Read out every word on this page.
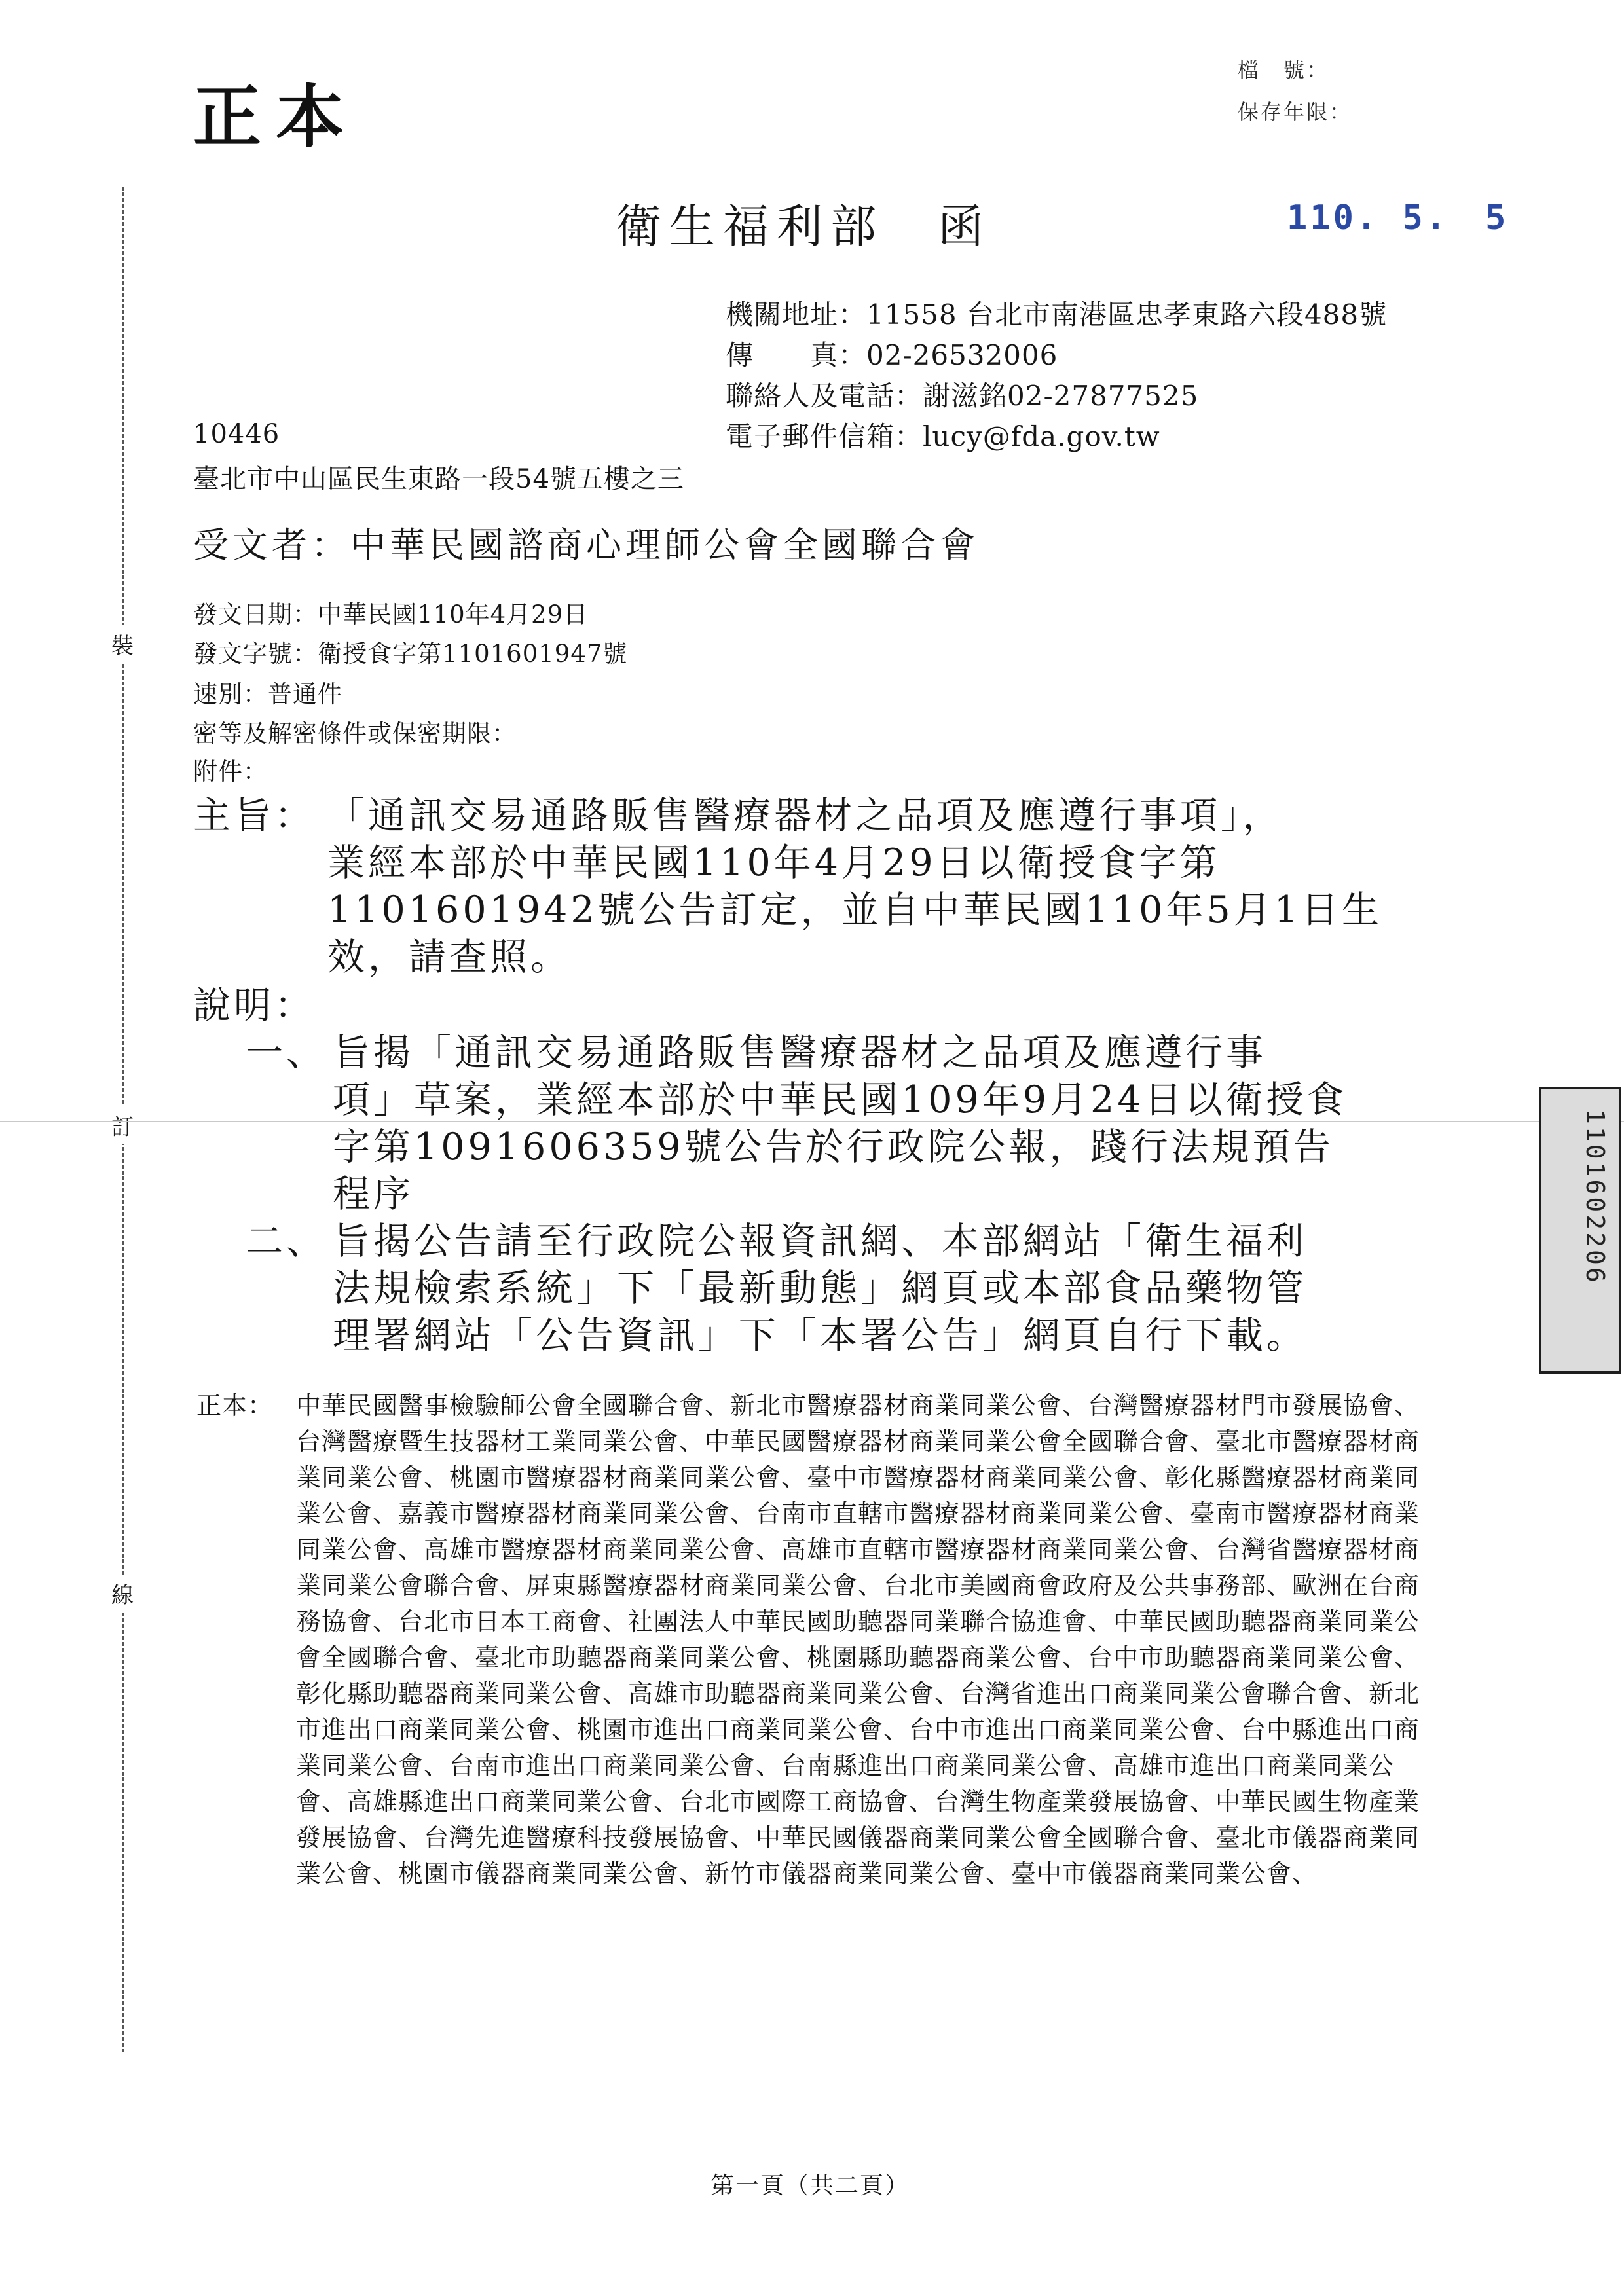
裝
訂
線
正本
檔　號：
保存年限：
衛生福利部　函	110. 5.　5
機關地址：11558 台北市南港區忠孝東路六段488號
傳　　真：02-26532006
聯絡人及電話：謝滋銘02-27877525
電子郵件信箱：lucy@fda.gov.tw
10446
臺北市中山區民生東路一段54號五樓之三
受文者：中華民國諮商心理師公會全國聯合會
發文日期：中華民國110年4月29日
發文字號：衛授食字第1101601947號
速別：普通件
密等及解密條件或保密期限：
附件：
主旨： 「通訊交易通路販售醫療器材之品項及應遵行事項」，
業經本部於中華民國110年4月29日以衛授食字第
1101601942號公告訂定，並自中華民國110年5月1日生
效，請查照。
說明：
一、 旨揭「通訊交易通路販售醫療器材之品項及應遵行事
項」草案，業經本部於中華民國109年9月24日以衛授食
字第1091606359號公告於行政院公報，踐行法規預告
程序
二、 旨揭公告請至行政院公報資訊網、本部網站「衛生福利
法規檢索系統」下「最新動態」網頁或本部食品藥物管
理署網站「公告資訊」下「本署公告」網頁自行下載。
正本： 中華民國醫事檢驗師公會全國聯合會、新北市醫療器材商業同業公會、台灣醫療器材門市發展協會、台灣醫療暨生技器材工業同業公會、中華民國醫療器材商業同業公會全國聯合會、臺北市醫療器材商業同業公會、桃園市醫療器材商業同業公會、臺中市醫療器材商業同業公會、彰化縣醫療器材商業同業公會、嘉義市醫療器材商業同業公會、台南市直轄市醫療器材商業同業公會、臺南市醫療器材商業同業公會、高雄市醫療器材商業同業公會、高雄市直轄市醫療器材商業同業公會、台灣省醫療器材商業同業公會聯合會、屏東縣醫療器材商業同業公會、台北市美國商會政府及公共事務部、歐洲在台商務協會、台北市日本工商會、社團法人中華民國助聽器同業聯合協進會、中華民國助聽器商業同業公會全國聯合會、臺北市助聽器商業同業公會、桃園縣助聽器商業公會、台中市助聽器商業同業公會、彰化縣助聽器商業同業公會、高雄市助聽器商業同業公會、台灣省進出口商業同業公會聯合會、新北市進出口商業同業公會、桃園市進出口商業同業公會、台中市進出口商業同業公會、台中縣進出口商業同業公會、台南市進出口商業同業公會、台南縣進出口商業同業公會、高雄市進出口商業同業公會、高雄縣進出口商業同業公會、台北市國際工商協會、台灣生物產業發展協會、中華民國生物產業發展協會、台灣先進醫療科技發展協會、中華民國儀器商業同業公會全國聯合會、臺北市儀器商業同業公會、桃園市儀器商業同業公會、新竹市儀器商業同業公會、臺中市儀器商業同業公會、
1101602206
第一頁（共二頁）
